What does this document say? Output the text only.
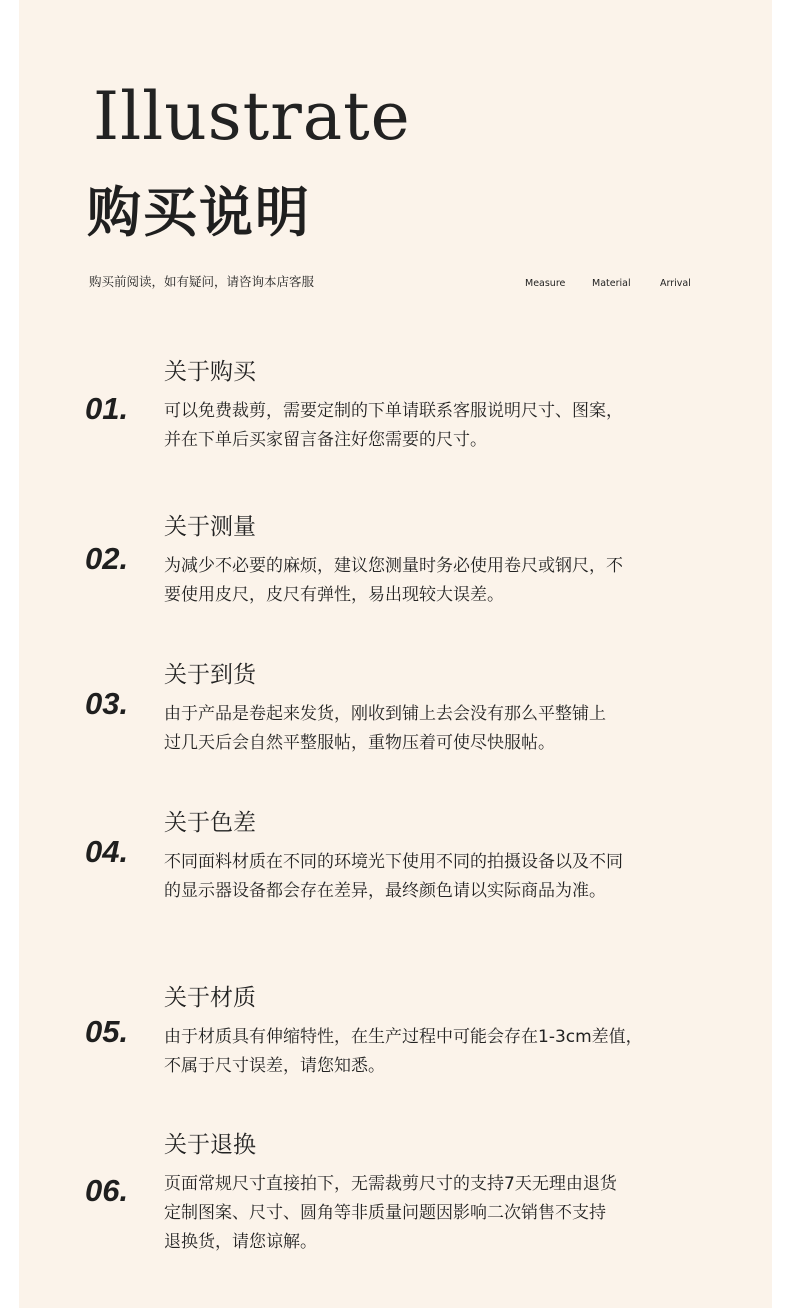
Illustrate
购买说明
购买前阅读，如有疑问，请咨询本店客服	Measure	Material	Arrival
关于购买
01. 可以免费裁剪，需要定制的下单请联系客服说明尺寸、图案，
并在下单后买家留言备注好您需要的尺寸。
关于测量
02. 为减少不必要的麻烦，建议您测量时务必使用卷尺或钢尺，不
要使用皮尺，皮尺有弹性，易出现较大误差。
关于到货
03. 由于产品是卷起来发货，刚收到铺上去会没有那么平整铺上
过几天后会自然平整服帖，重物压着可使尽快服帖。
关于色差
04. 不同面料材质在不同的环境光下使用不同的拍摄设备以及不同
的显示器设备都会存在差异，最终颜色请以实际商品为准。
关于材质
05. 由于材质具有伸缩特性，在生产过程中可能会存在1-3cm差值，
不属于尺寸误差，请您知悉。
关于退换
06. 页面常规尺寸直接拍下，无需裁剪尺寸的支持7天无理由退货
定制图案、尺寸、圆角等非质量问题因影响二次销售不支持
退换货，请您谅解。
